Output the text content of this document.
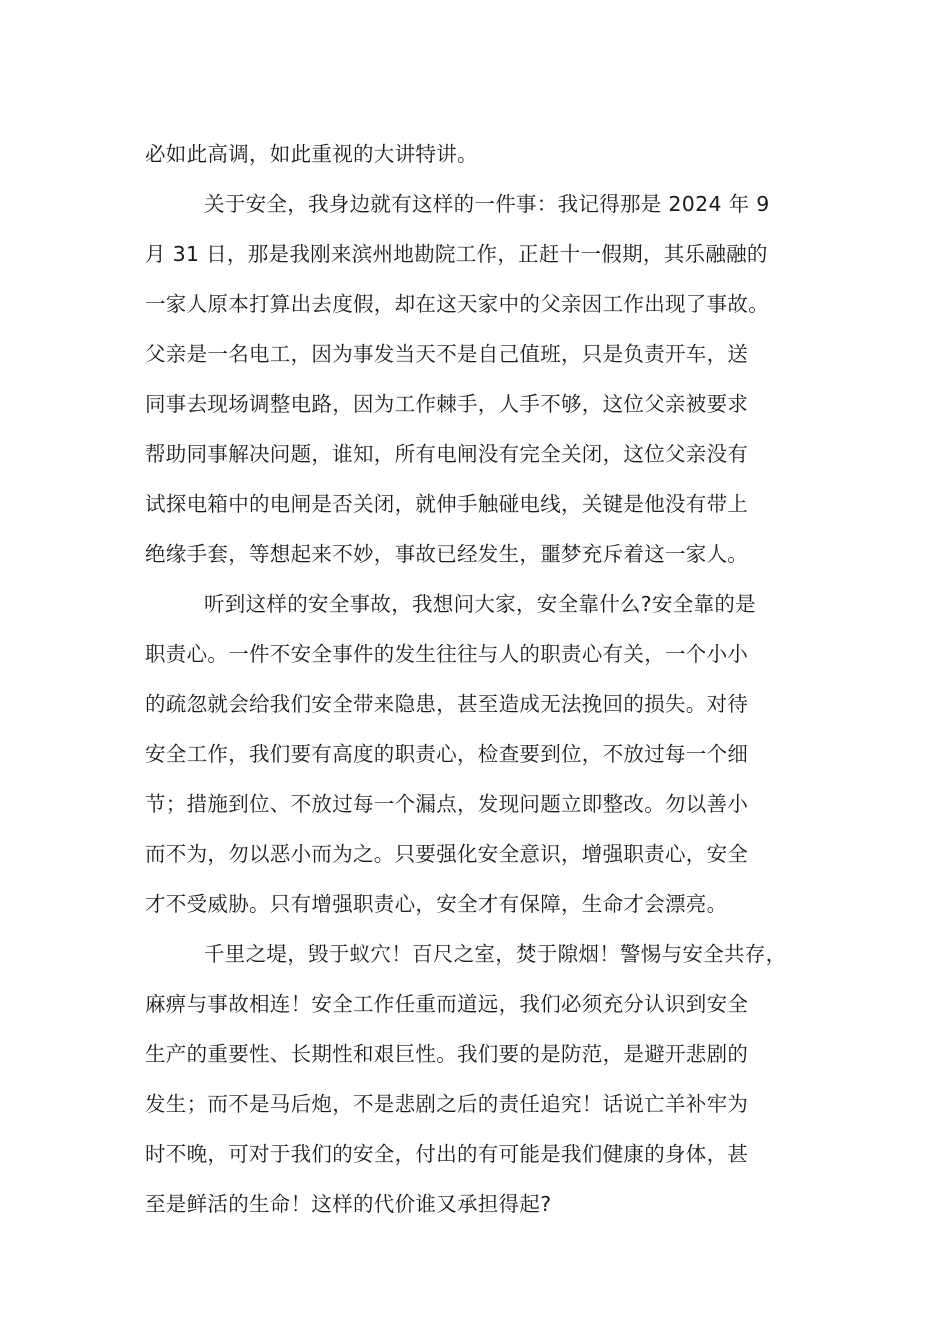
必如此高调，如此重视的大讲特讲。
关于安全，我身边就有这样的一件事：我记得那是 2024 年 9
月 31 日，那是我刚来滨州地勘院工作，正赶十一假期，其乐融融的
一家人原本打算出去度假，却在这天家中的父亲因工作出现了事故。
父亲是一名电工，因为事发当天不是自己值班，只是负责开车，送
同事去现场调整电路，因为工作棘手，人手不够，这位父亲被要求
帮助同事解决问题，谁知，所有电闸没有完全关闭，这位父亲没有
试探电箱中的电闸是否关闭，就伸手触碰电线，关键是他没有带上
绝缘手套，等想起来不妙，事故已经发生，噩梦充斥着这一家人。
听到这样的安全事故，我想问大家，安全靠什么?安全靠的是
职责心。一件不安全事件的发生往往与人的职责心有关，一个小小
的疏忽就会给我们安全带来隐患，甚至造成无法挽回的损失。对待
安全工作，我们要有高度的职责心，检查要到位，不放过每一个细
节；措施到位、不放过每一个漏点，发现问题立即整改。勿以善小
而不为，勿以恶小而为之。只要强化安全意识，增强职责心，安全
才不受威胁。只有增强职责心，安全才有保障，生命才会漂亮。
千里之堤，毁于蚁穴！百尺之室，焚于隙烟！警惕与安全共存，
麻痹与事故相连！安全工作任重而道远，我们必须充分认识到安全
生产的重要性、长期性和艰巨性。我们要的是防范，是避开悲剧的
发生；而不是马后炮，不是悲剧之后的责任追究！话说亡羊补牢为
时不晚，可对于我们的安全，付出的有可能是我们健康的身体，甚
至是鲜活的生命！这样的代价谁又承担得起?
